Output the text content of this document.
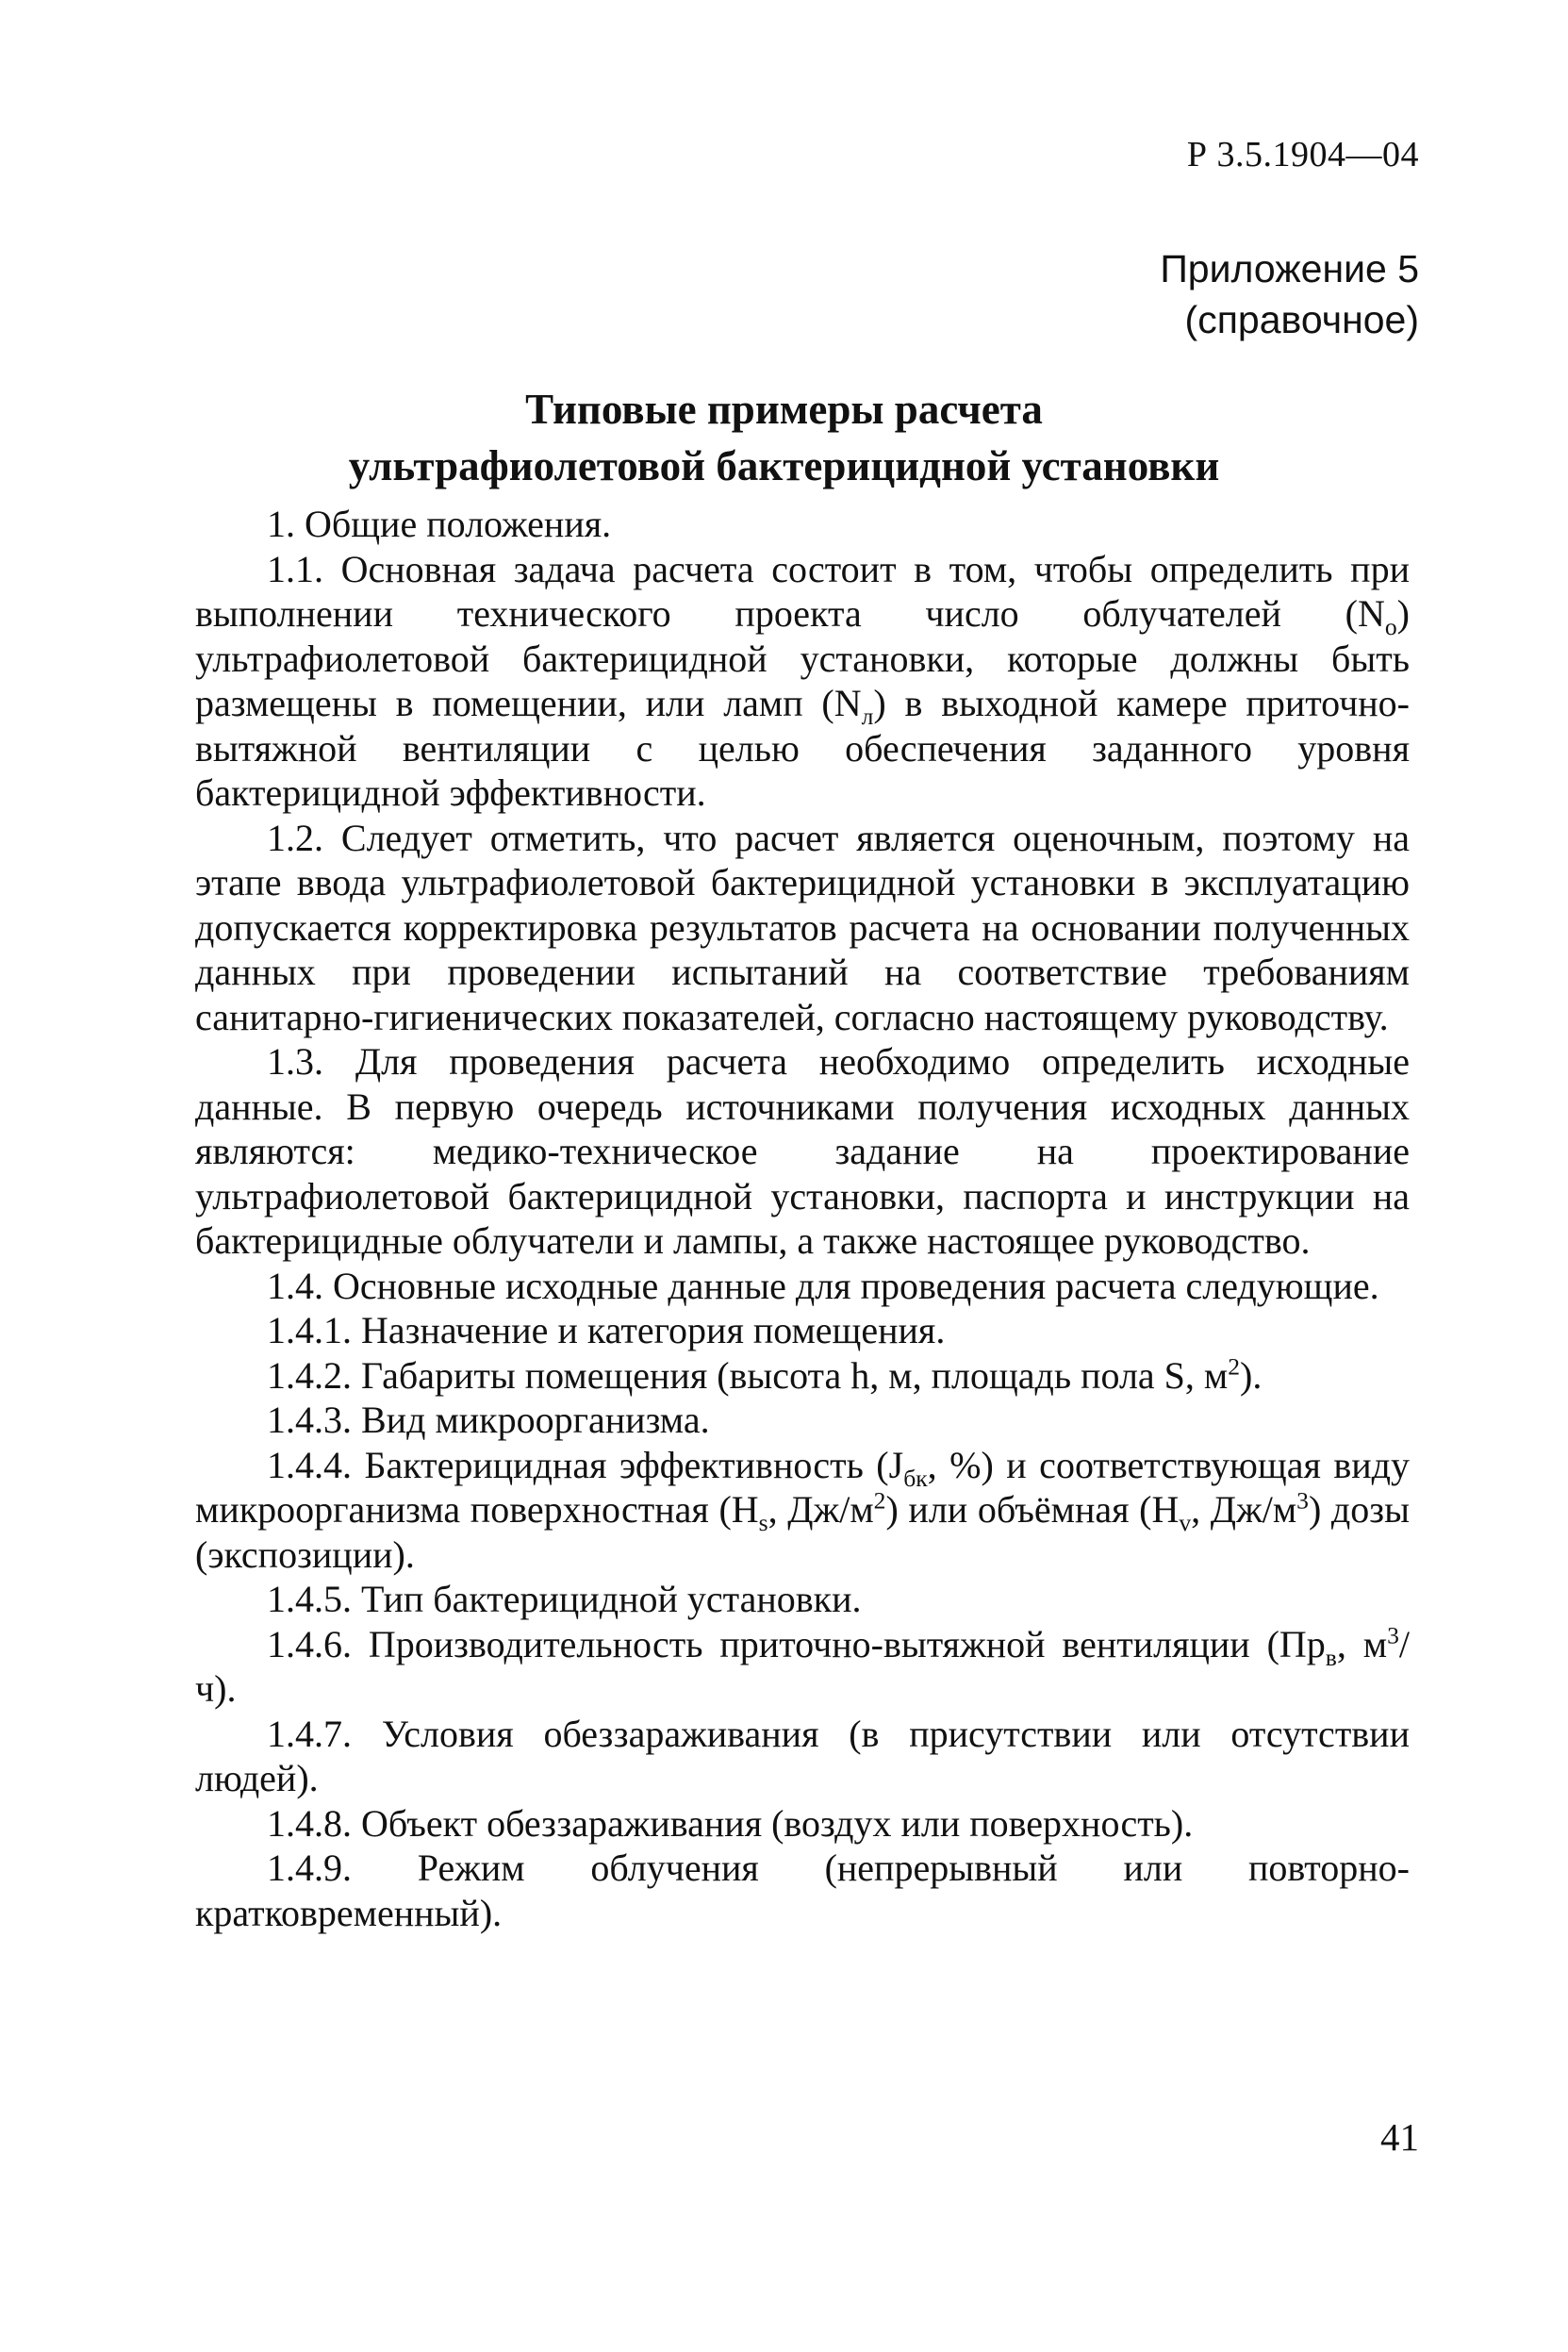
Р 3.5.1904—04
Приложение 5
(справочное)
Типовые примеры расчета
ультрафиолетовой бактерицидной установки

1. Общие положения.

1.1. Основная задача расчета состоит в том, чтобы определить при выполнении технического проекта число облучателей $(N_о)$ ультрафиолетовой бактерицидной установки, которые должны быть размещены в помещении, или ламп $(N_л)$ в выходной камере приточно-вытяжной вентиляции с целью обеспечения заданного уровня бактерицидной эффективности.

1.2. Следует отметить, что расчет является оценочным, поэтому на этапе ввода ультрафиолетовой бактерицидной установки в эксплуатацию допускается корректировка результатов расчета на основании полученных данных при проведении испытаний на соответствие требованиям санитарно-гигиенических показателей, согласно настоящему руководству.

1.3. Для проведения расчета необходимо определить исходные данные. В первую очередь источниками получения исходных данных являются: медико-техническое задание на проектирование ультрафиолетовой бактерицидной установки, паспорта и инструкции на бактерицидные облучатели и лампы, а также настоящее руководство.

1.4. Основные исходные данные для проведения расчета следующие.

1.4.1. Назначение и категория помещения.

1.4.2. Габариты помещения (высота h, м, площадь пола S, $м^2$).

1.4.3. Вид микроорганизма.

1.4.4. Бактерицидная эффективность ($J_{бк}$, %) и соответствующая виду микроорганизма поверхностная ($H_s$, $Дж/м^2$) или объёмная ($H_v$, $Дж/м^3$) дозы (экспозиции).

1.4.5. Тип бактерицидной установки.

1.4.6. Производительность приточно-вытяжной вентиляции ($Пр_в$, $м^3/ч$).

1.4.7. Условия обеззараживания (в присутствии или отсутствии людей).

1.4.8. Объект обеззараживания (воздух или поверхность).

1.4.9. Режим облучения (непрерывный или повторно-кратковременный).

41
